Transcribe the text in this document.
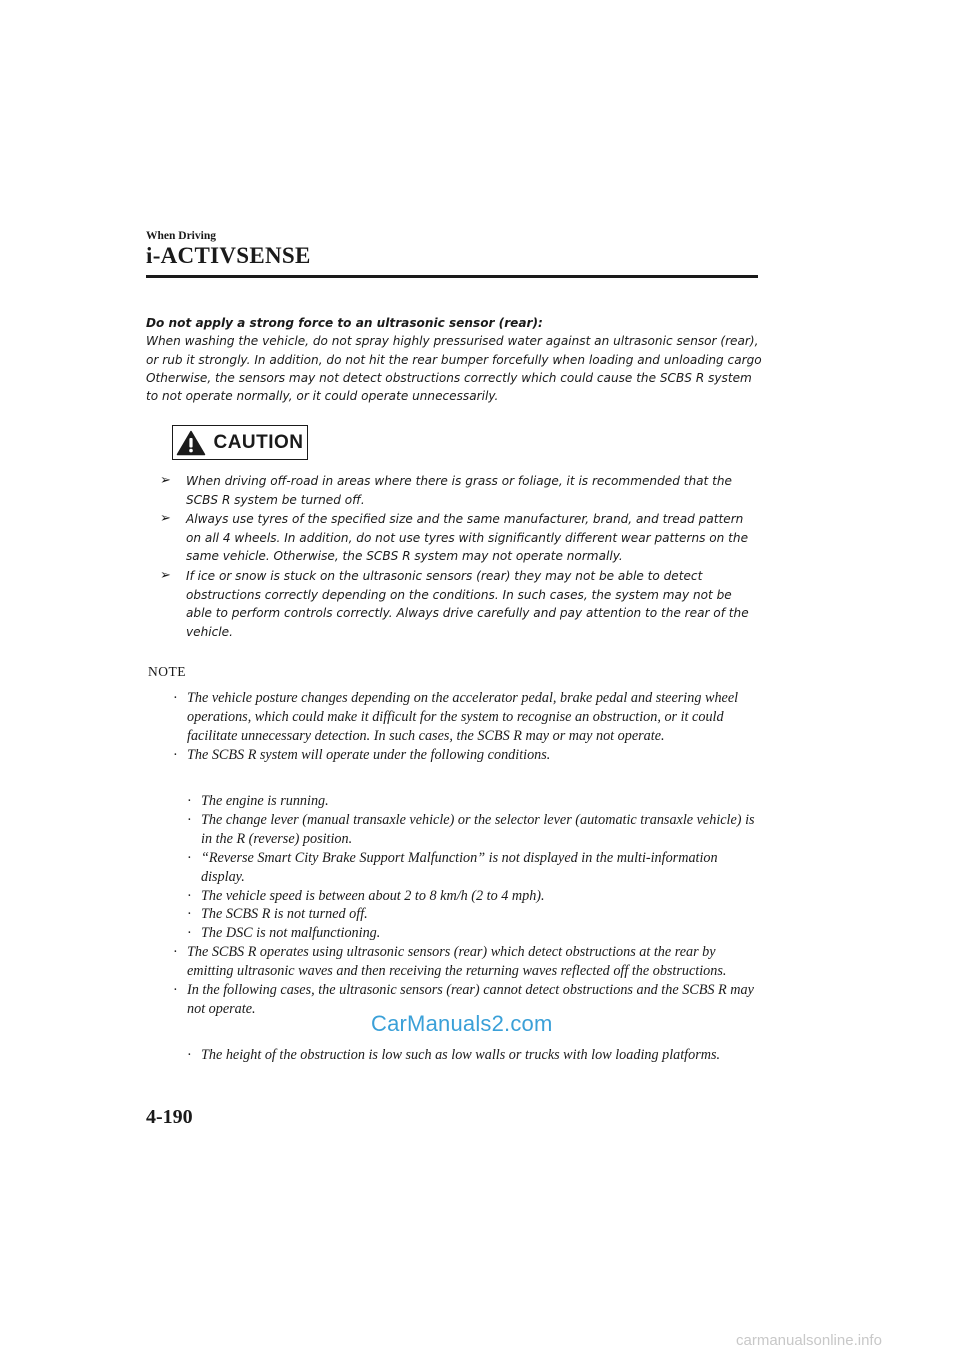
When Driving
i-ACTIVSENSE
Do not apply a strong force to an ultrasonic sensor (rear):

When washing the vehicle, do not spray highly pressurised water against an ultrasonic sensor (rear), or rub it strongly. In addition, do not hit the rear bumper forcefully when loading and unloading cargo Otherwise, the sensors may not detect obstructions correctly which could cause the SCBS R system to not operate normally, or it could operate unnecessarily.

CAUTION
➢ When driving off-road in areas where there is grass or foliage, it is recommended that the SCBS R system be turned off.
➢ Always use tyres of the specified size and the same manufacturer, brand, and tread pattern on all 4 wheels. In addition, do not use tyres with significantly different wear patterns on the same vehicle. Otherwise, the SCBS R system may not operate normally.
➢ If ice or snow is stuck on the ultrasonic sensors (rear) they may not be able to detect obstructions correctly depending on the conditions. In such cases, the system may not be able to perform controls correctly. Always drive carefully and pay attention to the rear of the vehicle.
NOTE
· The vehicle posture changes depending on the accelerator pedal, brake pedal and steering wheel operations, which could make it difficult for the system to recognise an obstruction, or it could facilitate unnecessary detection. In such cases, the SCBS R may or may not operate.
· The SCBS R system will operate under the following conditions.
· The engine is running.
· The change lever (manual transaxle vehicle) or the selector lever (automatic transaxle vehicle) is in the R (reverse) position.
· “Reverse Smart City Brake Support Malfunction” is not displayed in the multi-information display.
· The vehicle speed is between about 2 to 8 km/h (2 to 4 mph).
· The SCBS R is not turned off.
· The DSC is not malfunctioning.
· The SCBS R operates using ultrasonic sensors (rear) which detect obstructions at the rear by emitting ultrasonic waves and then receiving the returning waves reflected off the obstructions.
· In the following cases, the ultrasonic sensors (rear) cannot detect obstructions and the SCBS R may not operate.
· The height of the obstruction is low such as low walls or trucks with low loading platforms.
CarManuals2.com
4-190
carmanualsonline.info
